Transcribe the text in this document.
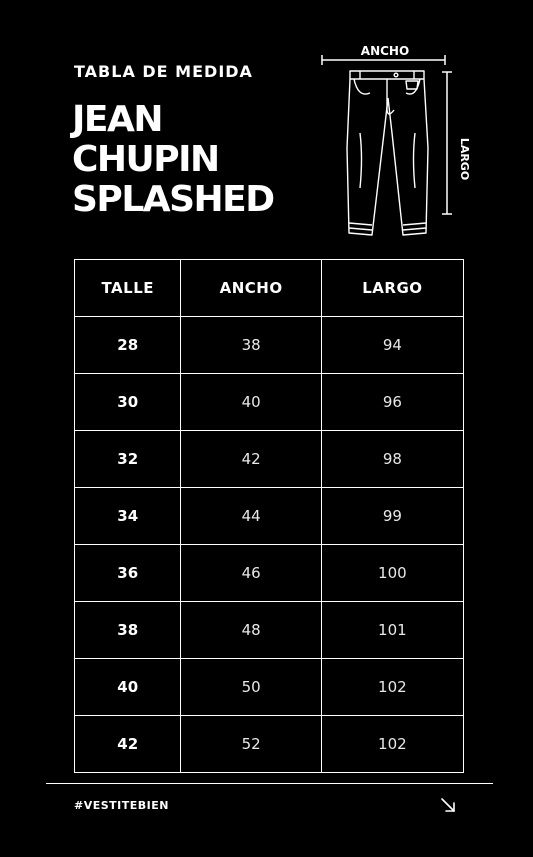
TABLA DE MEDIDA
JEAN
CHUPIN
SPLASHED
ANCHO
LARGO
TALLE	ANCHO	LARGO
28	38	94
30	40	96
32	42	98
34	44	99
36	46	100
38	48	101
40	50	102
42	52	102
#VESTITEBIEN
